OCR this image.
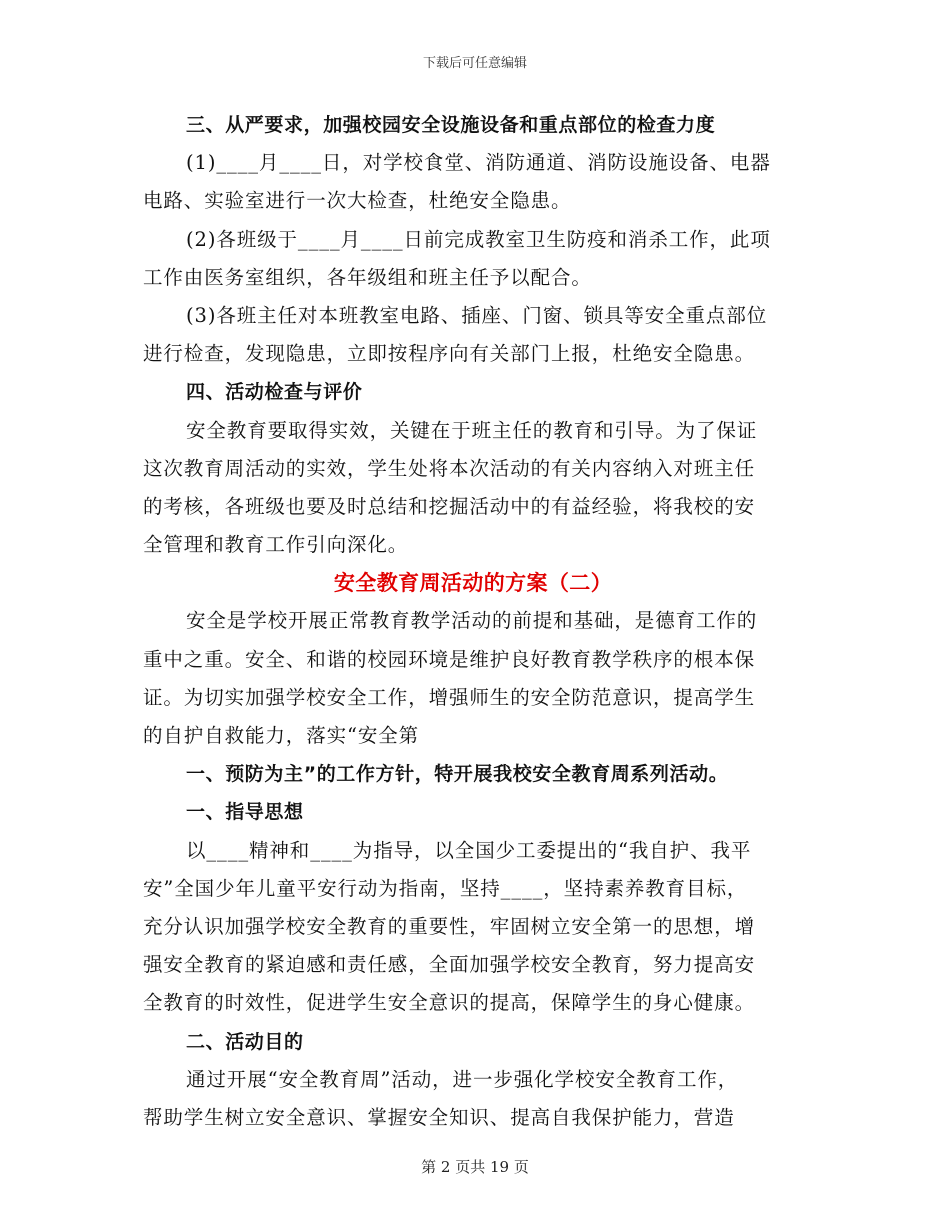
下载后可任意编辑
三、从严要求，加强校园安全设施设备和重点部位的检查力度
(1)____月____日，对学校食堂、消防通道、消防设施设备、电器
电路、实验室进行一次大检查，杜绝安全隐患。
(2)各班级于____月____日前完成教室卫生防疫和消杀工作，此项
工作由医务室组织，各年级组和班主任予以配合。
(3)各班主任对本班教室电路、插座、门窗、锁具等安全重点部位
进行检查，发现隐患，立即按程序向有关部门上报，杜绝安全隐患。
四、活动检查与评价
安全教育要取得实效，关键在于班主任的教育和引导。为了保证
这次教育周活动的实效，学生处将本次活动的有关内容纳入对班主任
的考核，各班级也要及时总结和挖掘活动中的有益经验，将我校的安
全管理和教育工作引向深化。
安全教育周活动的方案（二）
安全是学校开展正常教育教学活动的前提和基础，是德育工作的
重中之重。安全、和谐的校园环境是维护良好教育教学秩序的根本保
证。为切实加强学校安全工作，增强师生的安全防范意识，提高学生
的自护自救能力，落实“安全第
一、预防为主”的工作方针，特开展我校安全教育周系列活动。
一、指导思想
以____精神和____为指导，以全国少工委提出的“我自护、我平
安”全国少年儿童平安行动为指南，坚持____，坚持素养教育目标，
充分认识加强学校安全教育的重要性，牢固树立安全第一的思想，增
强安全教育的紧迫感和责任感，全面加强学校安全教育，努力提高安
全教育的时效性，促进学生安全意识的提高，保障学生的身心健康。
二、活动目的
通过开展“安全教育周”活动，进一步强化学校安全教育工作，
帮助学生树立安全意识、掌握安全知识、提高自我保护能力，营造
第 2 页共 19 页
